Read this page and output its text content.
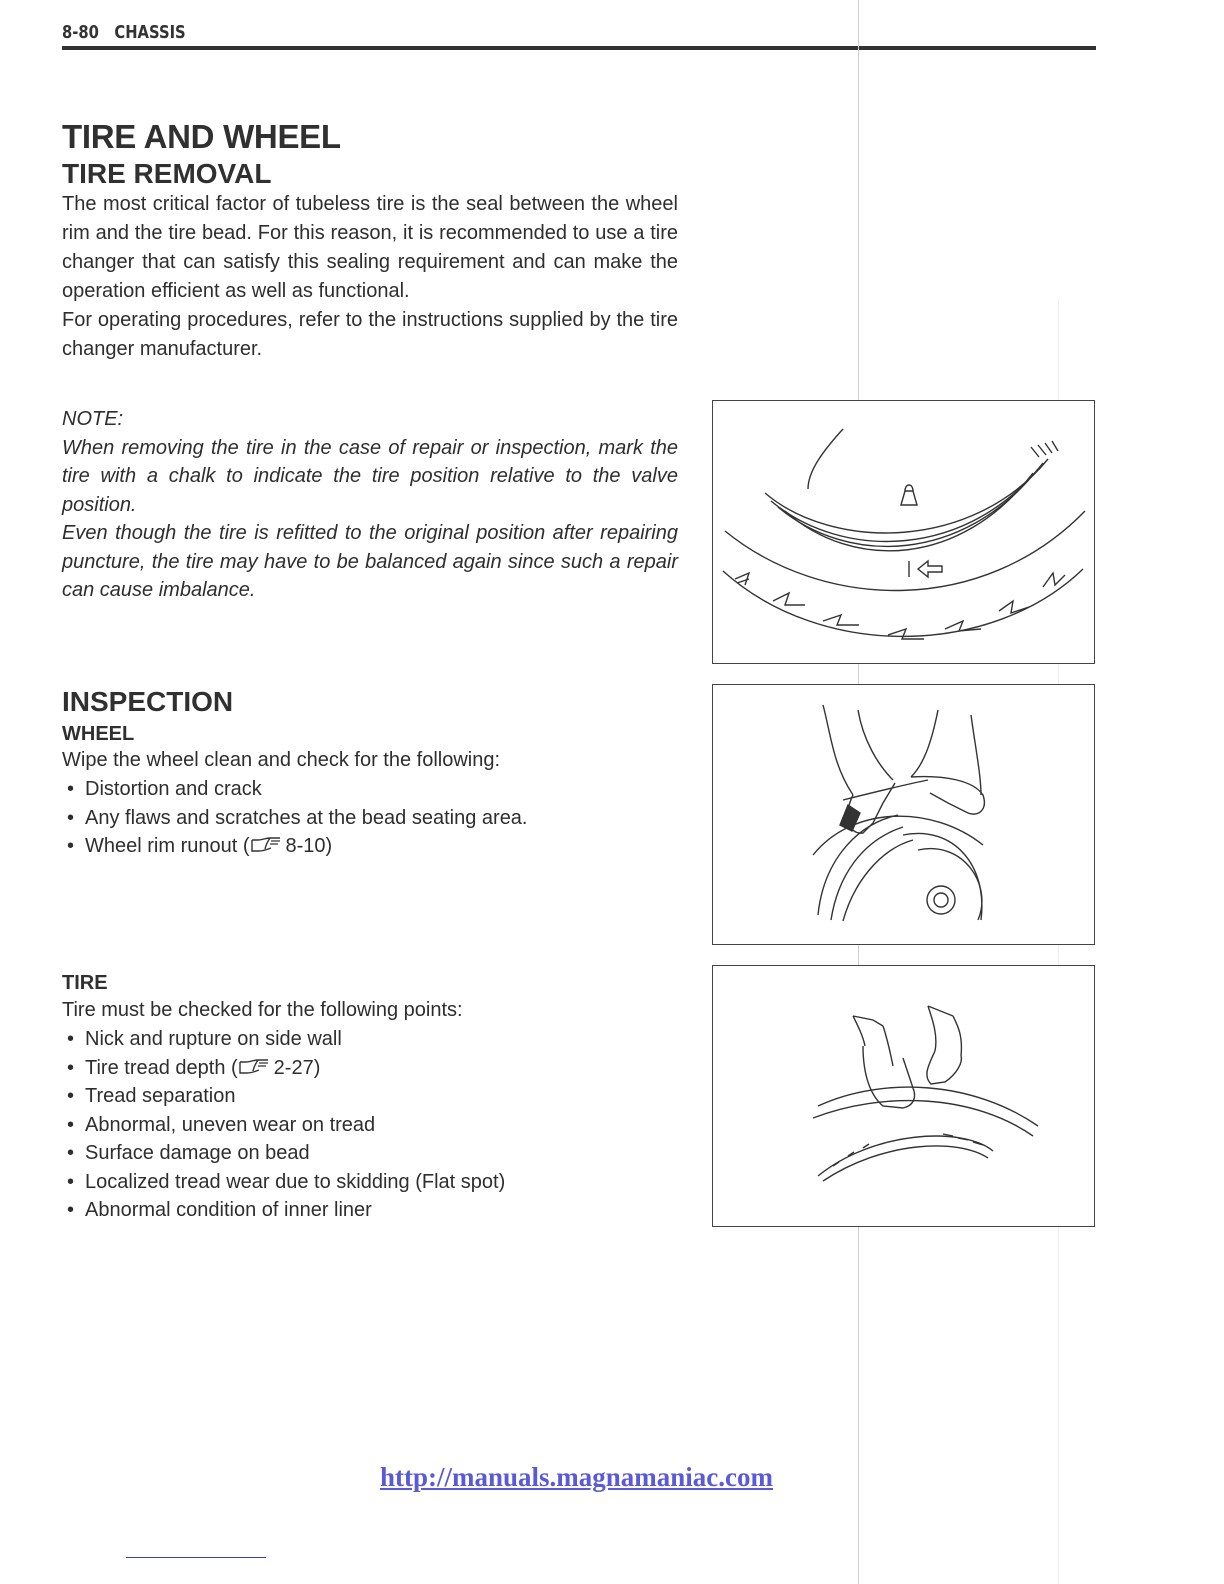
8-80 CHASSIS
TIRE AND WHEEL
TIRE REMOVAL

The most critical factor of tubeless tire is the seal between the wheel rim and the tire bead. For this reason, it is recommended to use a tire changer that can satisfy this sealing requirement and can make the operation efficient as well as functional.

For operating procedures, refer to the instructions supplied by the tire changer manufacturer.

NOTE:

When removing the tire in the case of repair or inspection, mark the tire with a chalk to indicate the tire position relative to the valve position.

Even though the tire is refitted to the original position after repairing puncture, the tire may have to be balanced again since such a repair can cause imbalance.

INSPECTION
WHEEL
Wipe the wheel clean and check for the following:
• Distortion and crack
• Any flaws and scratches at the bead seating area.
• Wheel rim runout ( 8-10)
TIRE
Tire must be checked for the following points:
• Nick and rupture on side wall
• Tire tread depth ( 2-27)
• Tread separation
• Abnormal, uneven wear on tread
• Surface damage on bead
• Localized tread wear due to skidding (Flat spot)
• Abnormal condition of inner liner
http://manuals.magnamaniac.com
